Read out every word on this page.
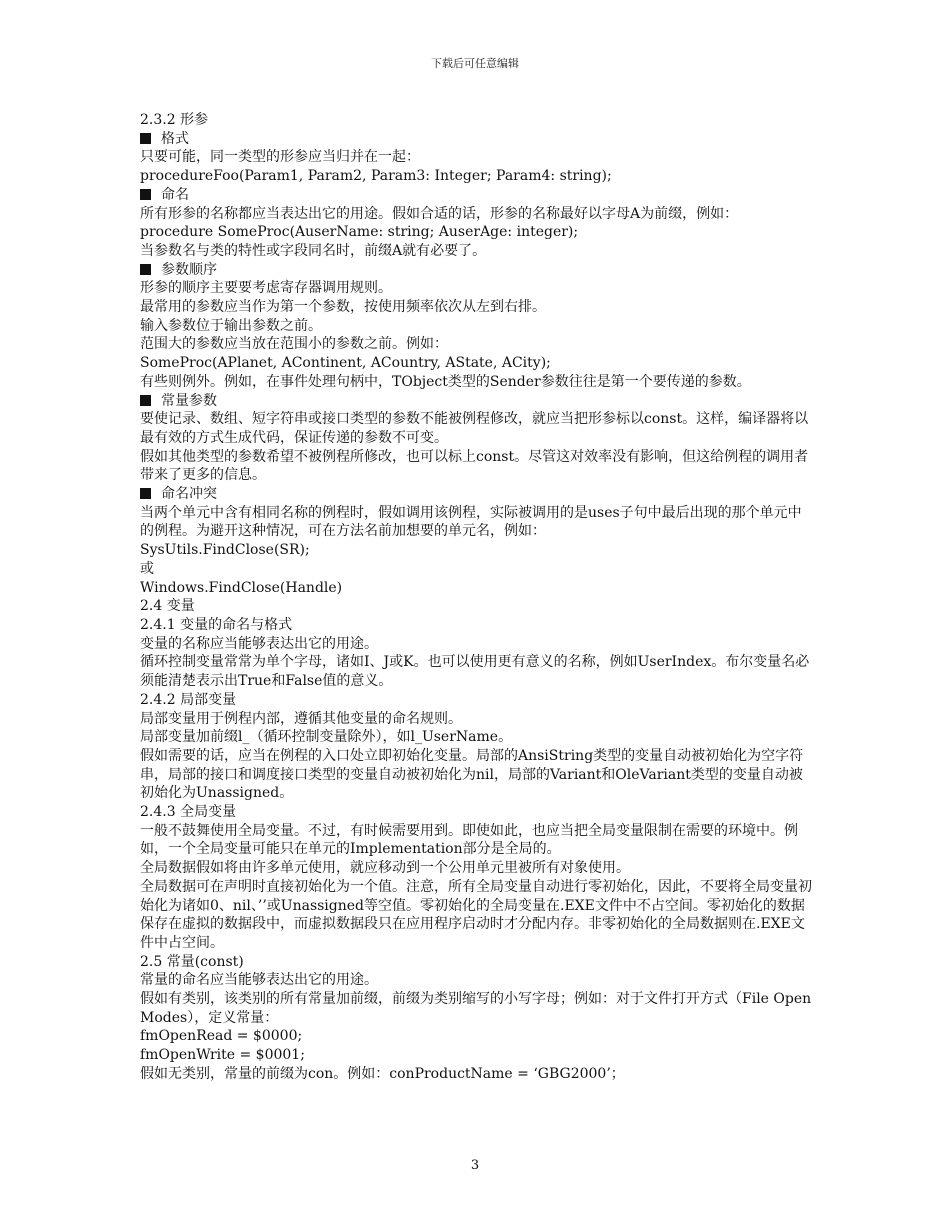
下载后可任意编辑
2.3.2 形参
格式
只要可能，同一类型的形参应当归并在一起：
procedureFoo(Param1, Param2, Param3: Integer; Param4: string);
命名
所有形参的名称都应当表达出它的用途。假如合适的话，形参的名称最好以字母A为前缀，例如：
procedure SomeProc(AuserName: string; AuserAge: integer);
当参数名与类的特性或字段同名时，前缀A就有必要了。
参数顺序
形参的顺序主要要考虑寄存器调用规则。
最常用的参数应当作为第一个参数，按使用频率依次从左到右排。
输入参数位于输出参数之前。
范围大的参数应当放在范围小的参数之前。例如：
SomeProc(APlanet, AContinent, ACountry, AState, ACity);
有些则例外。例如，在事件处理句柄中，TObject类型的Sender参数往往是第一个要传递的参数。
常量参数
要使记录、数组、短字符串或接口类型的参数不能被例程修改，就应当把形参标以const。这样，编译器将以最有效的方式生成代码，保证传递的参数不可变。
假如其他类型的参数希望不被例程所修改，也可以标上const。尽管这对效率没有影响，但这给例程的调用者带来了更多的信息。
命名冲突
当两个单元中含有相同名称的例程时，假如调用该例程，实际被调用的是uses子句中最后出现的那个单元中的例程。为避开这种情况，可在方法名前加想要的单元名，例如：
SysUtils.FindClose(SR);
或
Windows.FindClose(Handle)
2.4 变量
2.4.1 变量的命名与格式
变量的名称应当能够表达出它的用途。
循环控制变量常常为单个字母，诸如I、J或K。也可以使用更有意义的名称，例如UserIndex。布尔变量名必须能清楚表示出True和False值的意义。
2.4.2 局部变量
局部变量用于例程内部，遵循其他变量的命名规则。
局部变量加前缀l_（循环控制变量除外），如l_UserName。
假如需要的话，应当在例程的入口处立即初始化变量。局部的AnsiString类型的变量自动被初始化为空字符串，局部的接口和调度接口类型的变量自动被初始化为nil，局部的Variant和OleVariant类型的变量自动被初始化为Unassigned。
2.4.3 全局变量
一般不鼓舞使用全局变量。不过，有时候需要用到。即使如此，也应当把全局变量限制在需要的环境中。例如，一个全局变量可能只在单元的Implementation部分是全局的。
全局数据假如将由许多单元使用，就应移动到一个公用单元里被所有对象使用。
全局数据可在声明时直接初始化为一个值。注意，所有全局变量自动进行零初始化，因此，不要将全局变量初始化为诸如0、nil、’’或Unassigned等空值。零初始化的全局变量在.EXE文件中不占空间。零初始化的数据保存在虚拟的数据段中，而虚拟数据段只在应用程序启动时才分配内存。非零初始化的全局数据则在.EXE文件中占空间。
2.5 常量(const)
常量的命名应当能够表达出它的用途。
假如有类别，该类别的所有常量加前缀，前缀为类别缩写的小写字母；例如：对于文件打开方式（File Open Modes），定义常量：
fmOpenRead = $0000;
fmOpenWrite = $0001;
假如无类别，常量的前缀为con。例如：conProductName = ‘GBG2000’；
3
